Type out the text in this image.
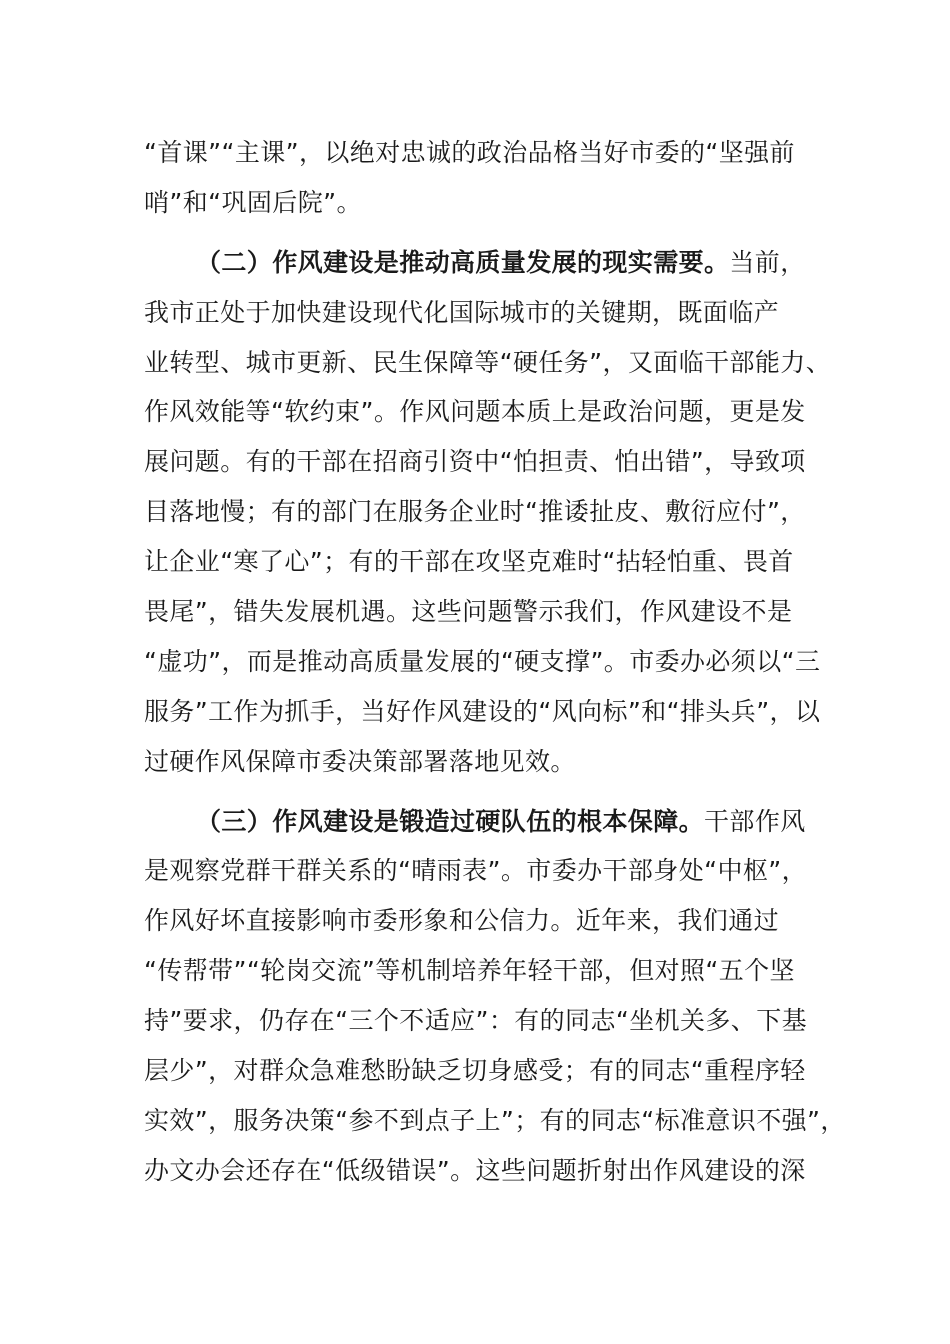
“首课”“主课”，以绝对忠诚的政治品格当好市委的“坚强前
哨”和“巩固后院”。
（二）作风建设是推动高质量发展的现实需要。当前，
我市正处于加快建设现代化国际城市的关键期，既面临产
业转型、城市更新、民生保障等“硬任务”，又面临干部能力、
作风效能等“软约束”。作风问题本质上是政治问题，更是发
展问题。有的干部在招商引资中“怕担责、怕出错”，导致项
目落地慢；有的部门在服务企业时“推诿扯皮、敷衍应付”，
让企业“寒了心”；有的干部在攻坚克难时“拈轻怕重、畏首
畏尾”，错失发展机遇。这些问题警示我们，作风建设不是
“虚功”，而是推动高质量发展的“硬支撑”。市委办必须以“三
服务”工作为抓手，当好作风建设的“风向标”和“排头兵”，以
过硬作风保障市委决策部署落地见效。
（三）作风建设是锻造过硬队伍的根本保障。干部作风
是观察党群干群关系的“晴雨表”。市委办干部身处“中枢”，
作风好坏直接影响市委形象和公信力。近年来，我们通过
“传帮带”“轮岗交流”等机制培养年轻干部，但对照“五个坚
持”要求，仍存在“三个不适应”：有的同志“坐机关多、下基
层少”，对群众急难愁盼缺乏切身感受；有的同志“重程序轻
实效”，服务决策“参不到点子上”；有的同志“标准意识不强”，
办文办会还存在“低级错误”。这些问题折射出作风建设的深
